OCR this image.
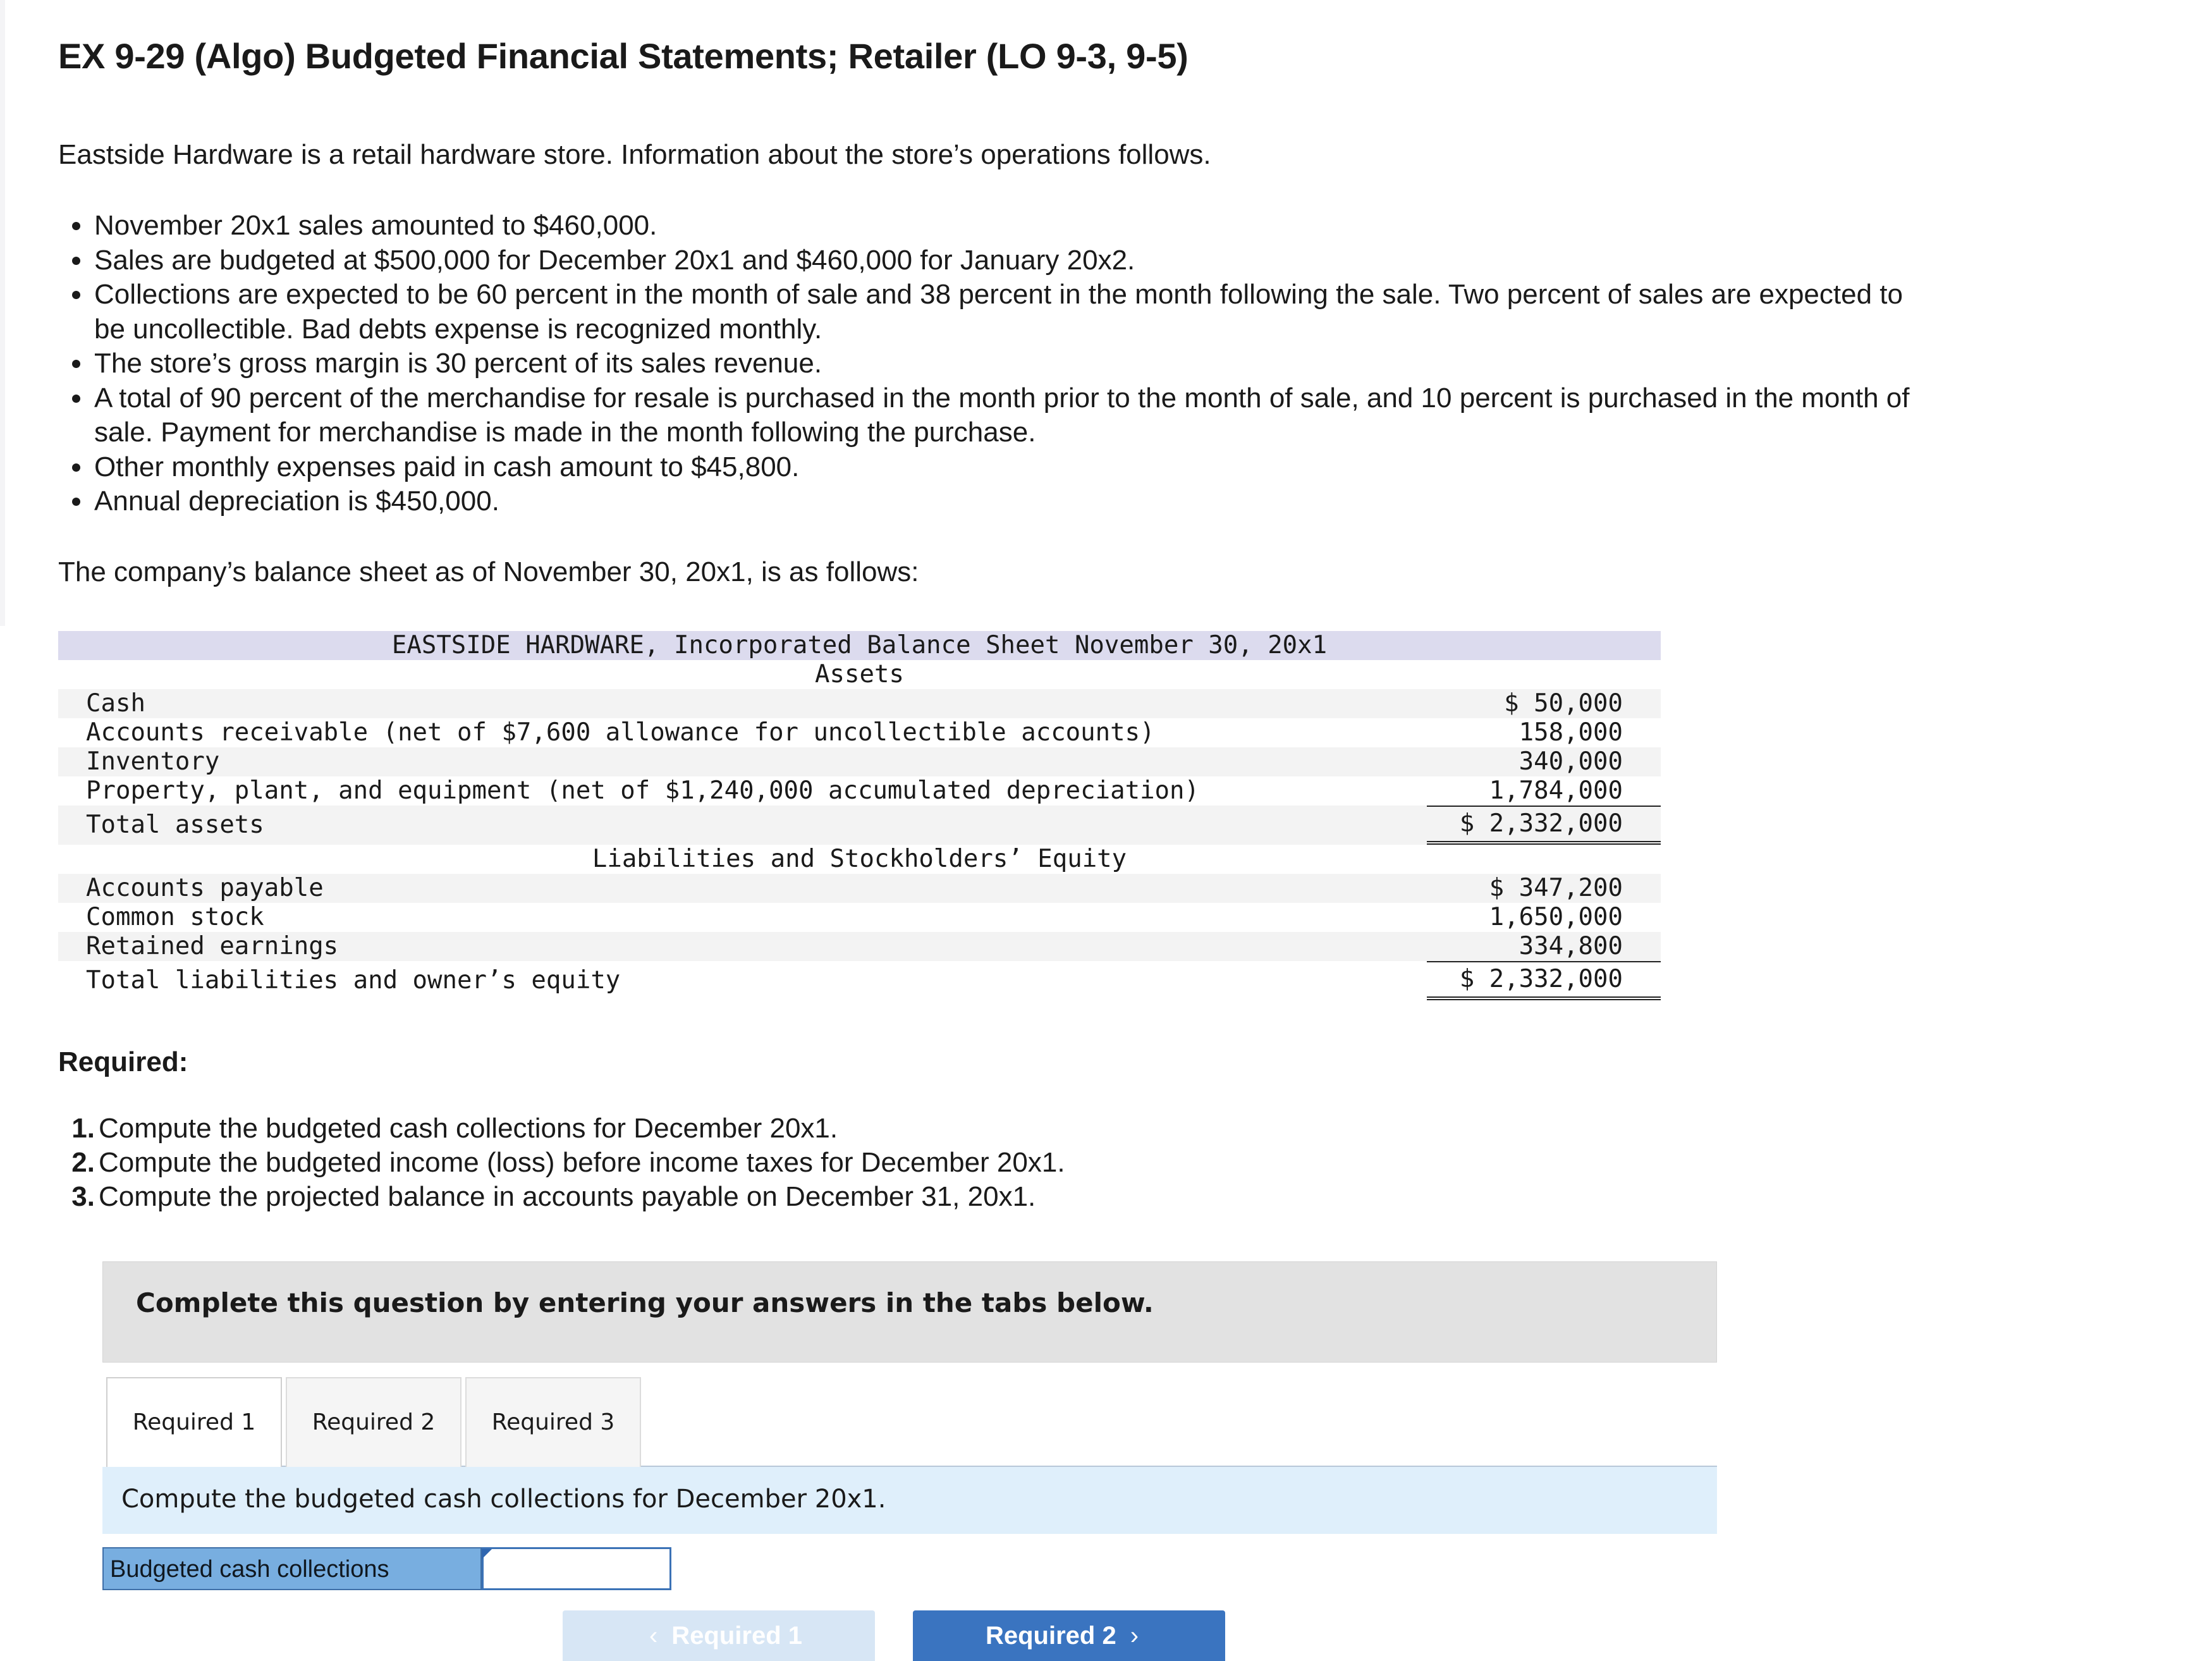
EX 9-29 (Algo) Budgeted Financial Statements; Retailer (LO 9-3, 9-5)

Eastside Hardware is a retail hardware store. Information about the store’s operations follows.

• November 20x1 sales amounted to $460,000.
• Sales are budgeted at $500,000 for December 20x1 and $460,000 for January 20x2.
• Collections are expected to be 60 percent in the month of sale and 38 percent in the month following the sale. Two percent of sales are expected to be uncollectible. Bad debts expense is recognized monthly.
• The store’s gross margin is 30 percent of its sales revenue.
• A total of 90 percent of the merchandise for resale is purchased in the month prior to the month of sale, and 10 percent is purchased in the month of sale. Payment for merchandise is made in the month following the purchase.
• Other monthly expenses paid in cash amount to $45,800.
• Annual depreciation is $450,000.

The company’s balance sheet as of November 30, 20x1, is as follows:

EASTSIDE HARDWARE, Incorporated Balance Sheet November 30, 20x1
Assets
Cash	$ 50,000
Accounts receivable (net of $7,600 allowance for uncollectible accounts)	158,000
Inventory	340,000
Property, plant, and equipment (net of $1,240,000 accumulated depreciation)	1,784,000
Total assets	$ 2,332,000
Liabilities and Stockholders’ Equity
Accounts payable	$ 347,200
Common stock	1,650,000
Retained earnings	334,800
Total liabilities and owner’s equity	$ 2,332,000

Required:

1. Compute the budgeted cash collections for December 20x1.
2. Compute the budgeted income (loss) before income taxes for December 20x1.
3. Compute the projected balance in accounts payable on December 31, 20x1.
Complete this question by entering your answers in the tabs below.
Required 1	Required 2	Required 3
Compute the budgeted cash collections for December 20x1.
Budgeted cash collections
‹ Required 1	Required 2 ›
